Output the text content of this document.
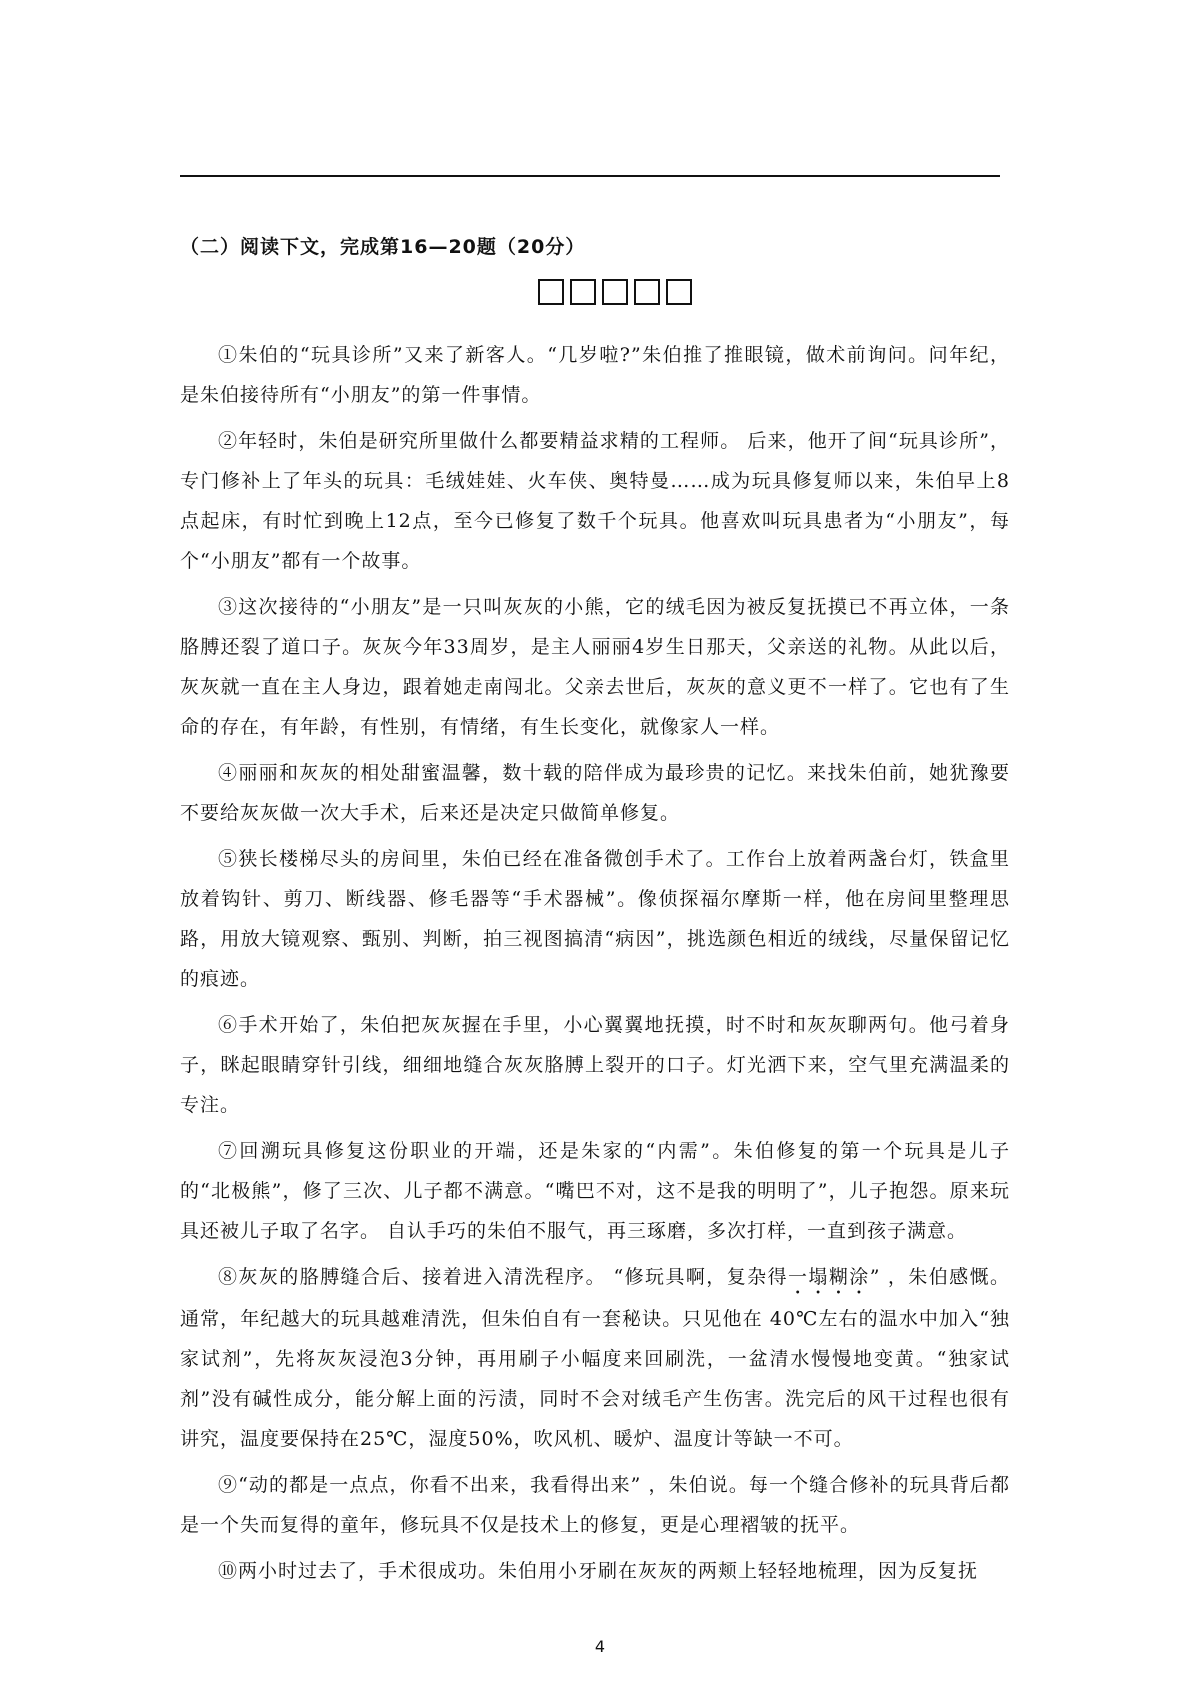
（二）阅读下文，完成第16—20题（20分）

①朱伯的“玩具诊所”又来了新客人。“几岁啦?”朱伯推了推眼镜，做术前询问。问年纪，是朱伯接待所有“小朋友”的第一件事情。

②年轻时，朱伯是研究所里做什么都要精益求精的工程师。 后来，他开了间“玩具诊所”，专门修补上了年头的玩具：毛绒娃娃、火车侠、奥特曼……成为玩具修复师以来，朱伯早上8点起床，有时忙到晚上12点，至今已修复了数千个玩具。他喜欢叫玩具患者为“小朋友”，每个“小朋友”都有一个故事。

③这次接待的“小朋友”是一只叫灰灰的小熊，它的绒毛因为被反复抚摸已不再立体，一条胳膊还裂了道口子。灰灰今年33周岁，是主人丽丽4岁生日那天，父亲送的礼物。从此以后，灰灰就一直在主人身边，跟着她走南闯北。父亲去世后，灰灰的意义更不一样了。它也有了生命的存在，有年龄，有性别，有情绪，有生长变化，就像家人一样。

④丽丽和灰灰的相处甜蜜温馨，数十载的陪伴成为最珍贵的记忆。来找朱伯前，她犹豫要不要给灰灰做一次大手术，后来还是决定只做简单修复。

⑤狭长楼梯尽头的房间里，朱伯已经在准备微创手术了。工作台上放着两盏台灯，铁盒里放着钩针、剪刀、断线器、修毛器等“手术器械”。像侦探福尔摩斯一样，他在房间里整理思路，用放大镜观察、甄别、判断，拍三视图搞清“病因”，挑选颜色相近的绒线，尽量保留记忆的痕迹。

⑥手术开始了，朱伯把灰灰握在手里，小心翼翼地抚摸，时不时和灰灰聊两句。他弓着身子，眯起眼睛穿针引线，细细地缝合灰灰胳膊上裂开的口子。灯光洒下来，空气里充满温柔的专注。

⑦回溯玩具修复这份职业的开端，还是朱家的“内需”。朱伯修复的第一个玩具是儿子的“北极熊”，修了三次、儿子都不满意。“嘴巴不对，这不是我的明明了”，儿子抱怨。原来玩具还被儿子取了名字。 自认手巧的朱伯不服气，再三琢磨，多次打样，一直到孩子满意。

⑧灰灰的胳膊缝合后、接着进入清洗程序。 “修玩具啊，复杂得一塌糊涂” ，朱伯感慨。通常，年纪越大的玩具越难清洗，但朱伯自有一套秘诀。只见他在 40℃左右的温水中加入“独家试剂”，先将灰灰浸泡3分钟，再用刷子小幅度来回刷洗，一盆清水慢慢地变黄。“独家试剂”没有碱性成分，能分解上面的污渍，同时不会对绒毛产生伤害。洗完后的风干过程也很有讲究，温度要保持在25℃，湿度50%，吹风机、暖炉、温度计等缺一不可。

⑨“动的都是一点点，你看不出来，我看得出来” ，朱伯说。每一个缝合修补的玩具背后都是一个失而复得的童年，修玩具不仅是技术上的修复，更是心理褶皱的抚平。

⑩两小时过去了，手术很成功。朱伯用小牙刷在灰灰的两颊上轻轻地梳理，因为反复抚

4
